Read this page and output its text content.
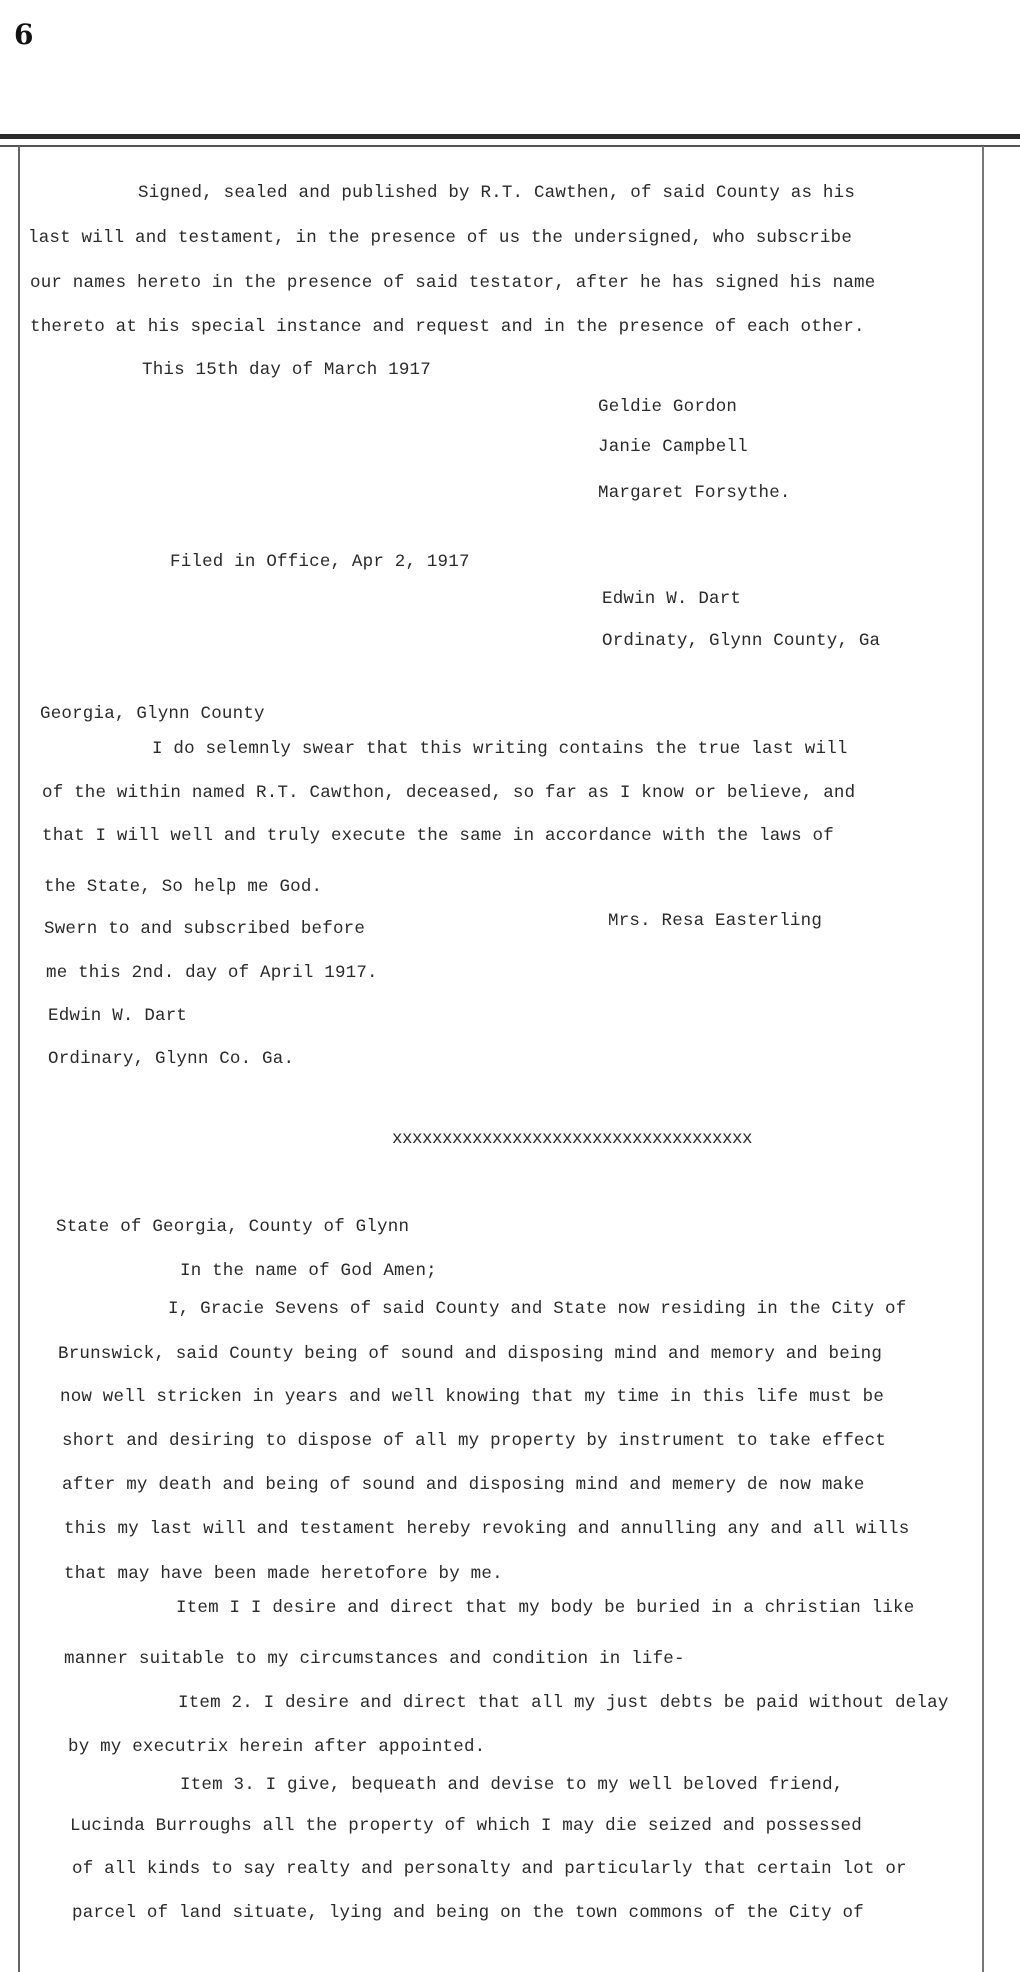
6
Signed, sealed and published by R.T. Cawthen, of said County as his
last will and testament, in the presence of us the undersigned, who subscribe
our names hereto in the presence of said testator, after he has signed his name
thereto at his special instance and request and in the presence of each other.
This 15th day of March 1917
Geldie Gordon
Janie Campbell
Margaret Forsythe.
Filed in Office, Apr 2, 1917
Edwin W. Dart
Ordinaty, Glynn County, Ga
Georgia, Glynn County
I do selemnly swear that this writing contains the true last will
of the within named R.T. Cawthon, deceased, so far as I know or believe, and
that I will well and truly execute the same in accordance with the laws of
the State, So help me God.
Swern to and subscribed before	Mrs. Resa Easterling
me this 2nd. day of April 1917.
Edwin W. Dart
Ordinary, Glynn Co. Ga.
xxxxxxxxxxxxxxxxxxxxxxxxxxxxxxxxxxxx
State of Georgia, County of Glynn
In the name of God Amen;
I, Gracie Sevens of said County and State now residing in the City of
Brunswick, said County being of sound and disposing mind and memory and being
now well stricken in years and well knowing that my time in this life must be
short and desiring to dispose of all my property by instrument to take effect
after my death and being of sound and disposing mind and memery de now make
this my last will and testament hereby revoking and annulling any and all wills
that may have been made heretofore by me.
Item I I desire and direct that my body be buried in a christian like
manner suitable to my circumstances and condition in life-
Item 2. I desire and direct that all my just debts be paid without delay
by my executrix herein after appointed.
Item 3. I give, bequeath and devise to my well beloved friend,
Lucinda Burroughs all the property of which I may die seized and possessed
of all kinds to say realty and personalty and particularly that certain lot or
parcel of land situate, lying and being on the town commons of the City of
